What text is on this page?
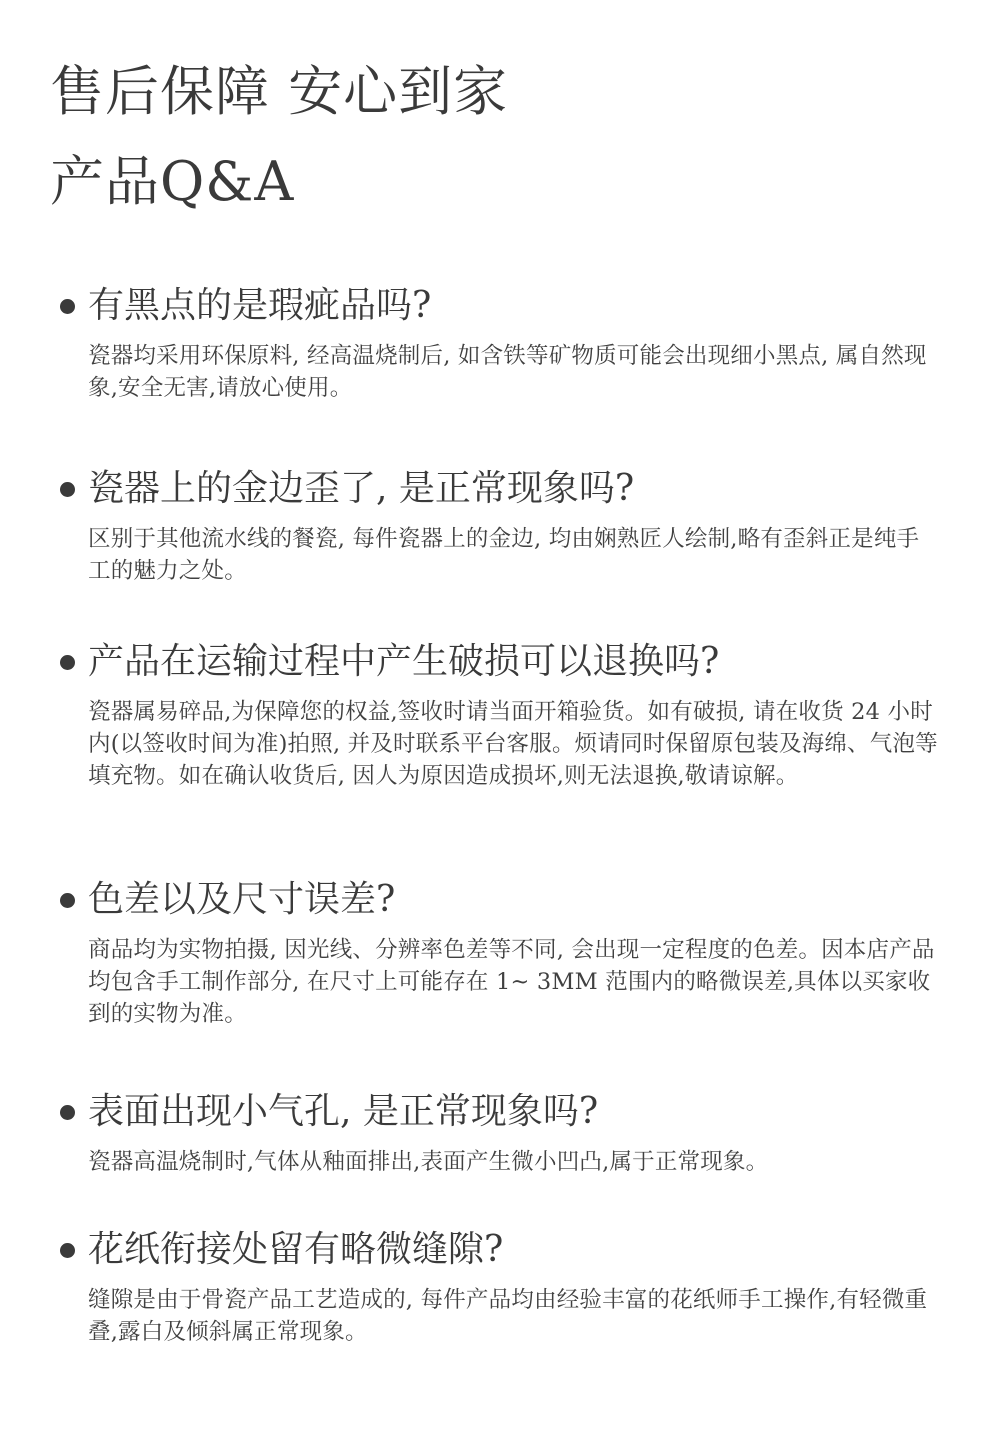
售后保障 安心到家
产品Q&A
有黑点的是瑕疵品吗?
瓷器均采用环保原料, 经高温烧制后, 如含铁等矿物质可能会出现细小黑点, 属自然现象,安全无害,请放心使用。
瓷器上的金边歪了, 是正常现象吗?
区别于其他流水线的餐瓷, 每件瓷器上的金边, 均由娴熟匠人绘制,略有歪斜正是纯手工的魅力之处。
产品在运输过程中产生破损可以退换吗?
瓷器属易碎品,为保障您的权益,签收时请当面开箱验货。如有破损, 请在收货 24 小时内(以签收时间为准)拍照, 并及时联系平台客服。烦请同时保留原包装及海绵、气泡等填充物。如在确认收货后, 因人为原因造成损坏,则无法退换,敬请谅解。
色差以及尺寸误差?
商品均为实物拍摄, 因光线、分辨率色差等不同, 会出现一定程度的色差。因本店产品均包含手工制作部分, 在尺寸上可能存在 1~ 3MM 范围内的略微误差,具体以买家收到的实物为准。
表面出现小气孔, 是正常现象吗?
瓷器高温烧制时,气体从釉面排出,表面产生微小凹凸,属于正常现象。
花纸衔接处留有略微缝隙?
缝隙是由于骨瓷产品工艺造成的, 每件产品均由经验丰富的花纸师手工操作,有轻微重叠,露白及倾斜属正常现象。
